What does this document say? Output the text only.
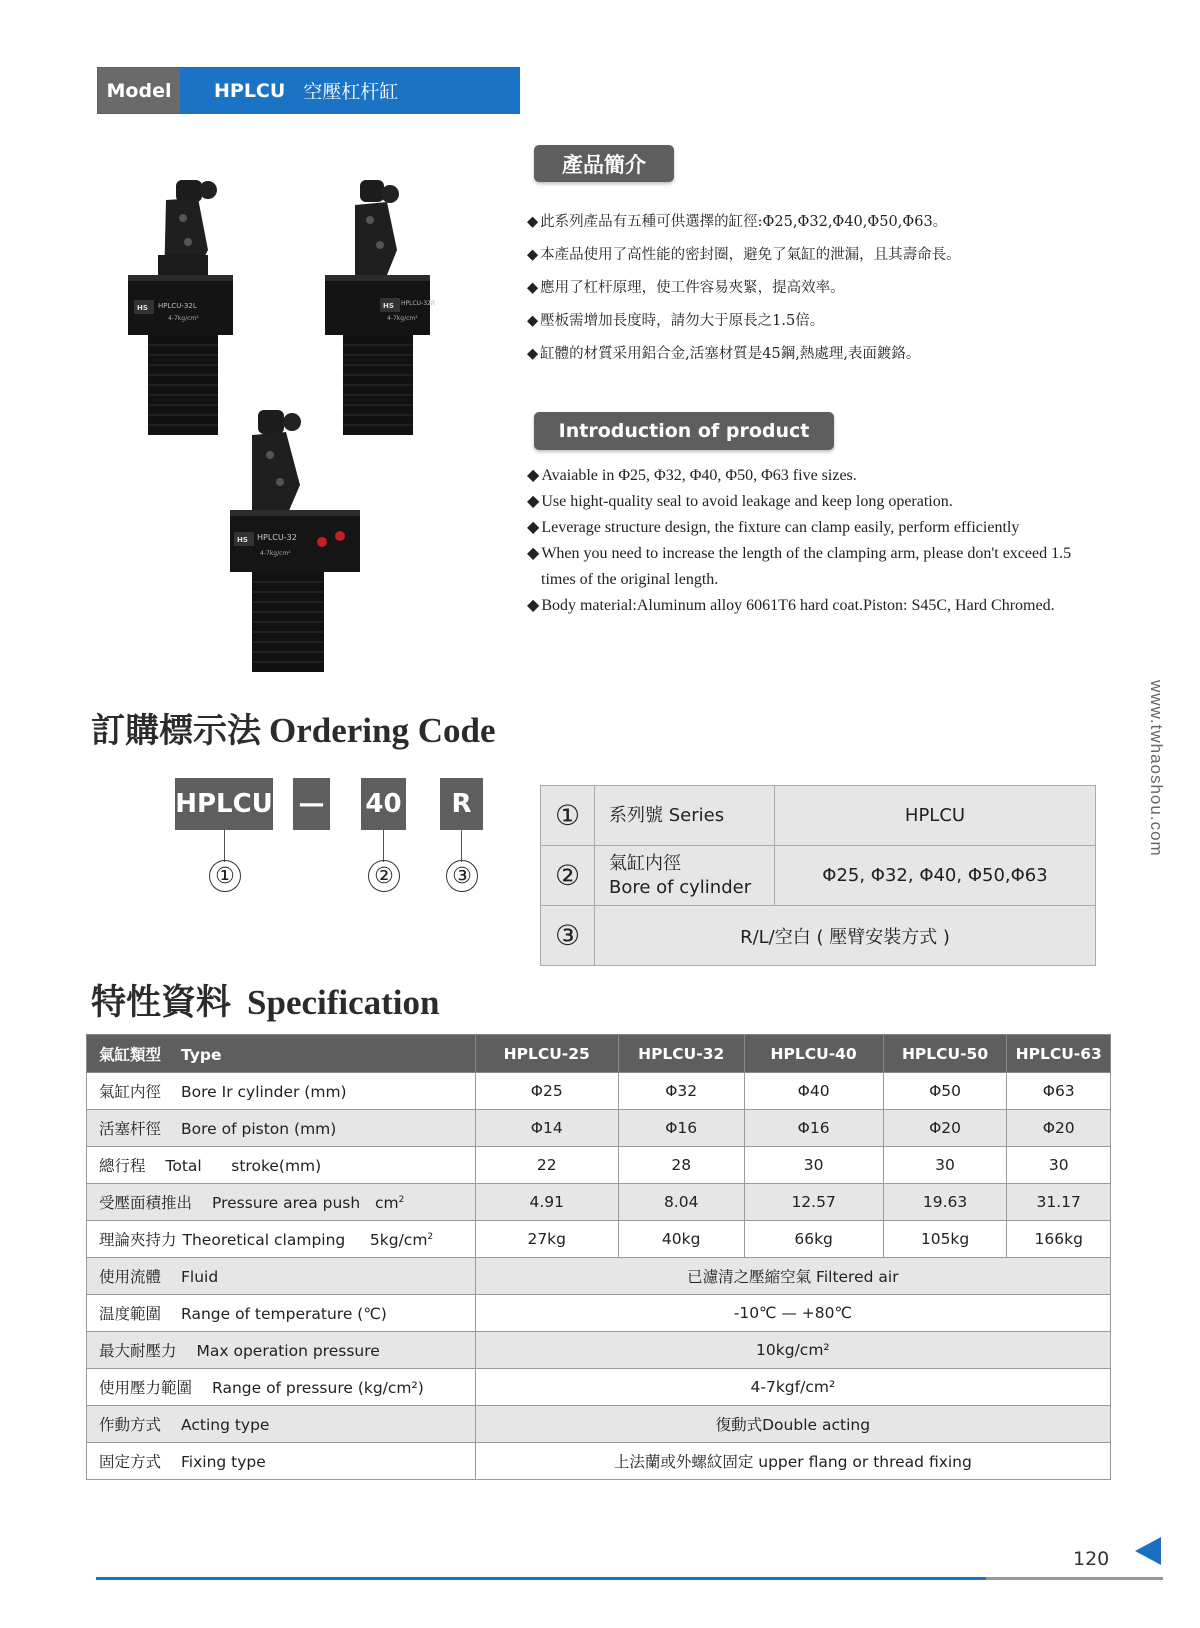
Model	HPLCU 空壓杠杆缸
HPLCU-32L
HS
4-7kg/cm²
HS HPLCU-32R
4-7kg/cm²
HS HPLCU-32
4-7kg/cm²
產品簡介
◆ 此系列產品有五種可供選擇的缸徑:Φ25,Φ32,Φ40,Φ50,Φ63。
◆ 本產品使用了高性能的密封圈，避免了氣缸的泄漏，且其壽命長。
◆ 應用了杠杆原理，使工件容易夾緊，提高效率。
◆ 壓板需增加長度時，請勿大于原長之1.5倍。
◆ 缸體的材質采用鋁合金,活塞材質是45鋼,熱處理,表面鍍鉻。
Introduction of product
◆ Avaiable in Φ25, Φ32, Φ40, Φ50, Φ63 five sizes.
◆ Use hight-quality seal to avoid leakage and keep long operation.
◆ Leverage structure design, the fixture can clamp easily, perform efficiently
◆ When you need to increase the length of the clamping arm, please don't exceed 1.5
times of the original length.
◆ Body material:Aluminum alloy 6061T6 hard coat.Piston: S45C, Hard Chromed.
www.twhaoshou.com
訂購標示法 Ordering Code
HPLCU — 40	R
①	②	③
①	系列號 Series	HPLCU
②	氣缸内徑
Bore of cylinder	Φ25, Φ32, Φ40, Φ50,Φ63
③	R/L/空白 ( 壓臂安裝方式 )	
特性資料 Specification
氣缸類型 Type	HPLCU-25	HPLCU-32	HPLCU-40	HPLCU-50	HPLCU-63
氣缸内徑 Bore Ir cylinder (mm)	Φ25	Φ32	Φ40	Φ50	Φ63
活塞杆徑 Bore of piston (mm)	Φ14	Φ16	Φ16	Φ20	Φ20
總行程 Total      stroke(mm)	22	28	30	30	30
受壓面積推出 Pressure area push   $cm^2$	4.91	8.04	12.57	19.63	31.17
理論夾持力 Theoretical clamping     $5kg/cm^2$	27kg	40kg	66kg	105kg	166kg
使用流體 Fluid	已濾清之壓縮空氣 Filtered air				
温度範圍 Range of temperature (℃)	-10℃ — +80℃				
最大耐壓力 Max operation pressure	10kg/cm²				
使用壓力範圍 Range of pressure (kg/cm²)	4-7kgf/cm²				
作動方式 Acting type	復動式Double acting				
固定方式 Fixing type	上法蘭或外螺紋固定 upper flang or thread fixing				
120
